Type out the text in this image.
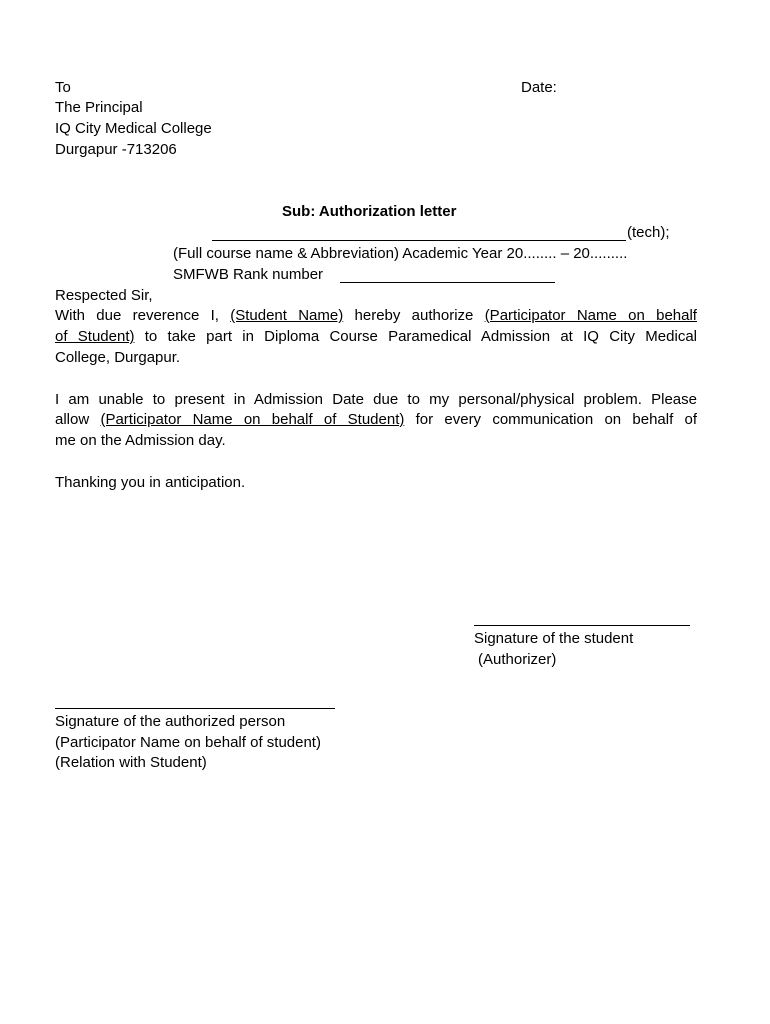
To	Date:
The Principal
IQ City Medical College
Durgapur -713206
Sub: Authorization letter
(tech);
(Full course name & Abbreviation) Academic Year 20........ – 20.........
SMFWB Rank number
Respected Sir,
With due reverence I, (Student Name) hereby authorize (Participator Name on behalf
of Student) to take part in Diploma Course Paramedical Admission at IQ City Medical
College, Durgapur.
I am unable to present in Admission Date due to my personal/physical problem. Please
allow (Participator Name on behalf of Student) for every communication on behalf of
me on the Admission day.
Thanking you in anticipation.
Signature of the student
(Authorizer)
Signature of the authorized person
(Participator Name on behalf of student)
(Relation with Student)
